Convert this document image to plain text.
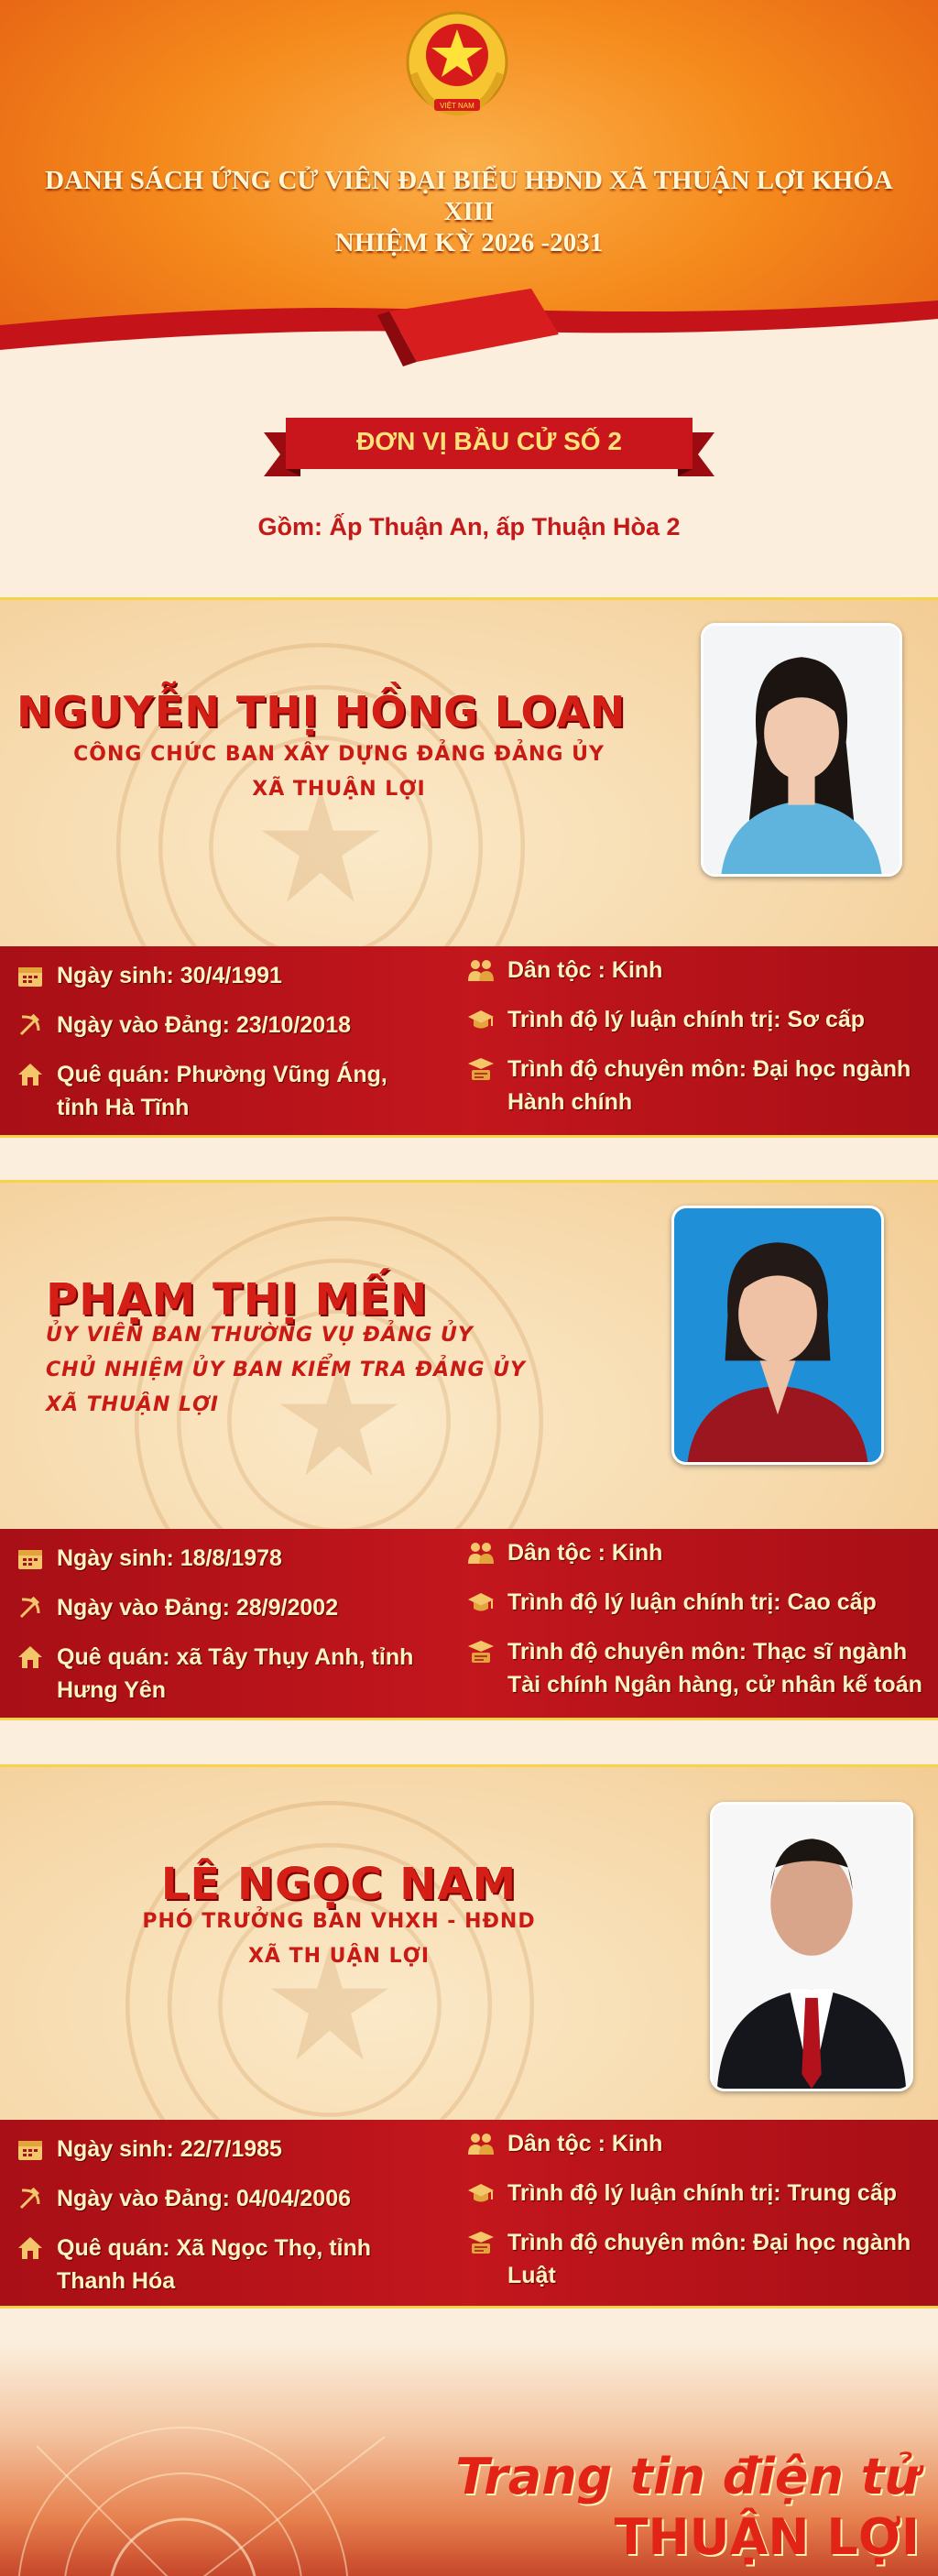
VIỆT NAM
DANH SÁCH ỨNG CỬ VIÊN ĐẠI BIỂU HĐND XÃ THUẬN LỢI KHÓA XIII
NHIỆM KỲ 2026 -2031
ĐƠN VỊ BẦU CỬ SỐ 2
Gồm: Ấp Thuận An, ấp Thuận Hòa 2
NGUYỄN THỊ HỒNG LOAN
CÔNG CHỨC BAN XÂY DỰNG ĐẢNG ĐẢNG ỦY
XÃ THUẬN LỢI
Ngày sinh: 30/4/1991
Ngày vào Đảng: 23/10/2018
Quê quán: Phường Vũng Áng,
tỉnh Hà Tĩnh
Dân tộc : Kinh
Trình độ lý luận chính trị: Sơ cấp
Trình độ chuyên môn: Đại học ngành
Hành chính
PHẠM THỊ MẾN
ỦY VIÊN BAN THƯỜNG VỤ ĐẢNG ỦY
CHỦ NHIỆM ỦY BAN KIỂM TRA ĐẢNG ỦY
XÃ THUẬN LỢI
Ngày sinh: 18/8/1978
Ngày vào Đảng: 28/9/2002
Quê quán: xã Tây Thụy Anh, tỉnh
Hưng Yên
Dân tộc : Kinh
Trình độ lý luận chính trị: Cao cấp
Trình độ chuyên môn: Thạc sĩ ngành
Tài chính Ngân hàng, cử nhân kế toán
LÊ NGỌC NAM
PHÓ TRƯỞNG BAN VHXH - HĐND
XÃ TH UẬN LỢI
Ngày sinh: 22/7/1985
Ngày vào Đảng: 04/04/2006
Quê quán: Xã Ngọc Thọ, tỉnh
Thanh Hóa
Dân tộc : Kinh
Trình độ lý luận chính trị: Trung cấp
Trình độ chuyên môn: Đại học ngành
Luật
Trang tin điện tử
THUẬN LỢI
